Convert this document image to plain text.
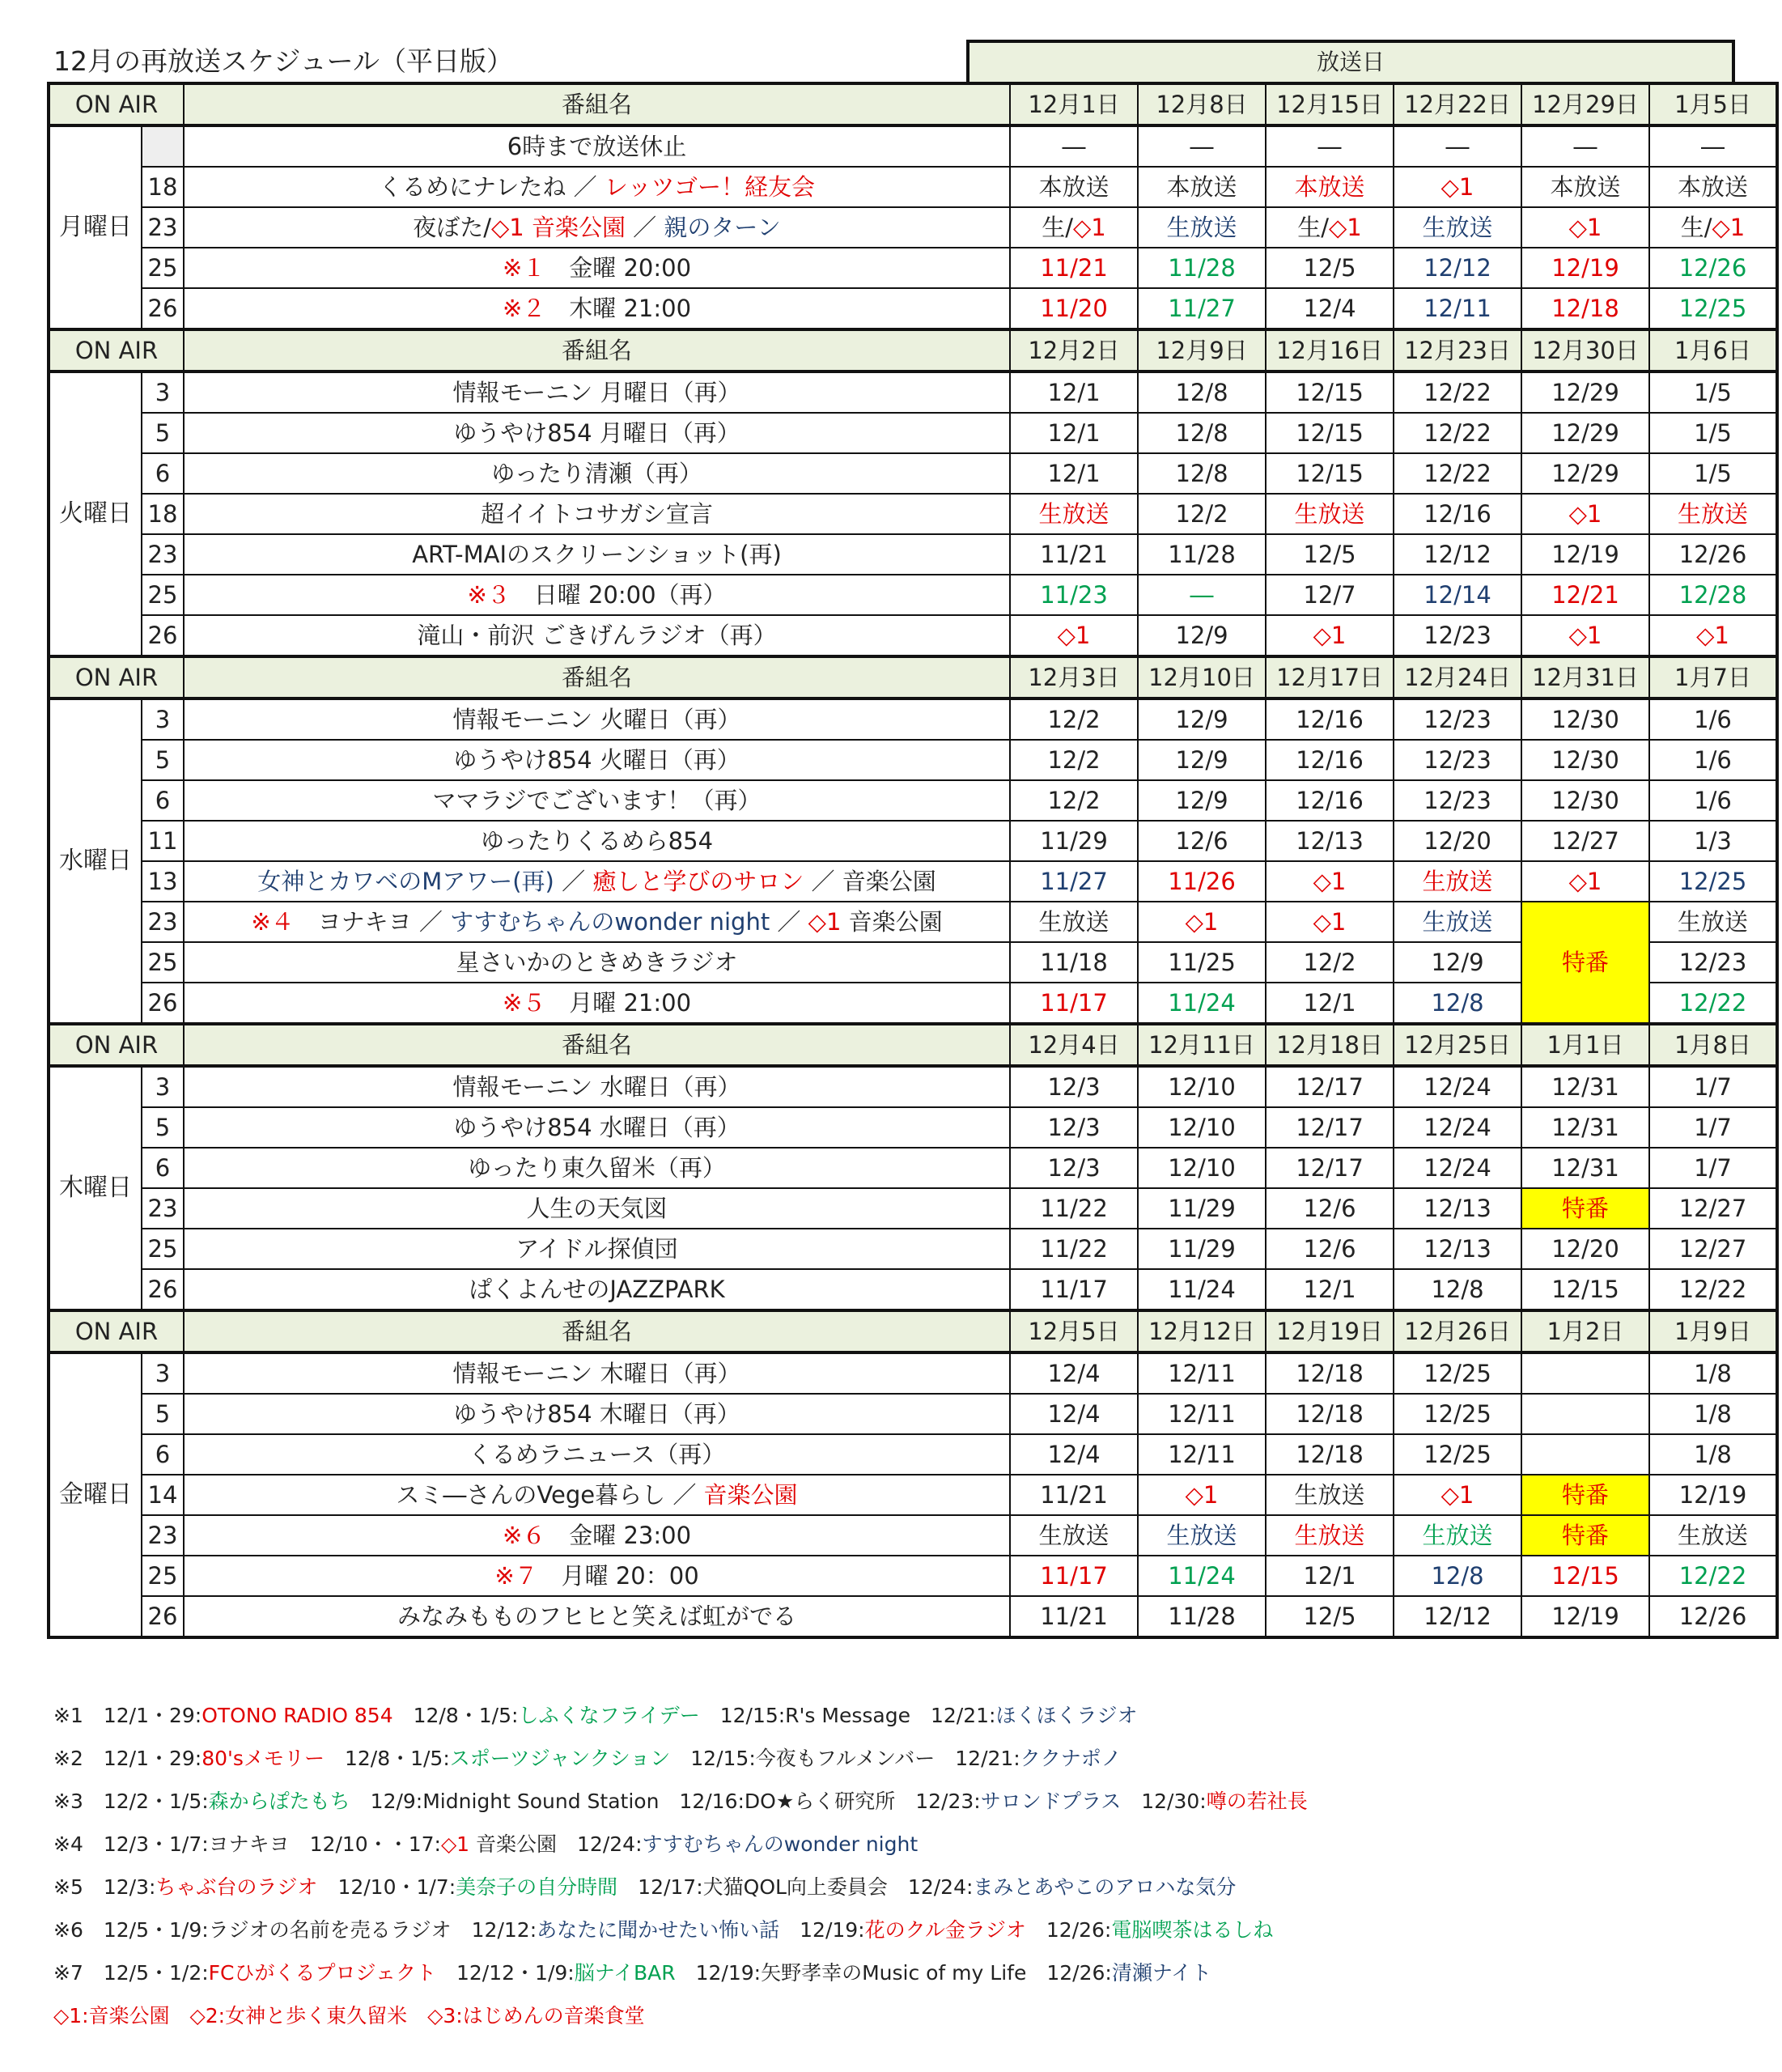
12月の再放送スケジュール（平日版）	放送日
ON AIR		番組名	12月1日	12月8日	12月15日	12月22日	12月29日	1月5日
月曜日		6時まで放送休止	―	―	―	―	―	―
	18	くるめにナレたね ／ レッツゴー！経友会	本放送	本放送	本放送	◇1	本放送	本放送
	23	夜ぼた/◇1 音楽公園 ／ 親のターン	生/◇1	生放送	生/◇1	生放送	◇1	生/◇1
	25	※１　金曜 20:00	11/21	11/28	12/5	12/12	12/19	12/26
	26	※２　木曜 21:00	11/20	11/27	12/4	12/11	12/18	12/25
ON AIR		番組名	12月2日	12月9日	12月16日	12月23日	12月30日	1月6日
火曜日	3	情報モーニン 月曜日（再）	12/1	12/8	12/15	12/22	12/29	1/5
	5	ゆうやけ854 月曜日（再）	12/1	12/8	12/15	12/22	12/29	1/5
	6	ゆったり清瀬（再）	12/1	12/8	12/15	12/22	12/29	1/5
	18	超イイトコサガシ宣言	生放送	12/2	生放送	12/16	◇1	生放送
	23	ART-MAIのスクリーンショット(再)	11/21	11/28	12/5	12/12	12/19	12/26
	25	※３　日曜 20:00（再）	11/23	―	12/7	12/14	12/21	12/28
	26	滝山・前沢 ごきげんラジオ（再）	◇1	12/9	◇1	12/23	◇1	◇1
ON AIR		番組名	12月3日	12月10日	12月17日	12月24日	12月31日	1月7日
水曜日	3	情報モーニン 火曜日（再）	12/2	12/9	12/16	12/23	12/30	1/6
	5	ゆうやけ854 火曜日（再）	12/2	12/9	12/16	12/23	12/30	1/6
	6	ママラジでございます！（再）	12/2	12/9	12/16	12/23	12/30	1/6
	11	ゆったりくるめら854	11/29	12/6	12/13	12/20	12/27	1/3
	13	女神とカワベのMアワー(再) ／ 癒しと学びのサロン ／ 音楽公園	11/27	11/26	◇1	生放送	◇1	12/25
	23	※４　ヨナキヨ ／ すすむちゃんのwonder night ／ ◇1 音楽公園	生放送	◇1	◇1	生放送	特番	生放送
	25	星さいかのときめきラジオ	11/18	11/25	12/2	12/9		12/23
	26	※５　月曜 21:00	11/17	11/24	12/1	12/8		12/22
ON AIR		番組名	12月4日	12月11日	12月18日	12月25日	1月1日	1月8日
木曜日	3	情報モーニン 水曜日（再）	12/3	12/10	12/17	12/24	12/31	1/7
	5	ゆうやけ854 水曜日（再）	12/3	12/10	12/17	12/24	12/31	1/7
	6	ゆったり東久留米（再）	12/3	12/10	12/17	12/24	12/31	1/7
	23	人生の天気図	11/22	11/29	12/6	12/13	特番	12/27
	25	アイドル探偵団	11/22	11/29	12/6	12/13	12/20	12/27
	26	ぱくよんせのJAZZPARK	11/17	11/24	12/1	12/8	12/15	12/22
ON AIR		番組名	12月5日	12月12日	12月19日	12月26日	1月2日	1月9日
金曜日	3	情報モーニン 木曜日（再）	12/4	12/11	12/18	12/25		1/8
	5	ゆうやけ854 木曜日（再）	12/4	12/11	12/18	12/25		1/8
	6	くるめラニュース（再）	12/4	12/11	12/18	12/25		1/8
	14	スミ―さんのVege暮らし ／ 音楽公園	11/21	◇1	生放送	◇1	特番	12/19
	23	※６　金曜 23:00	生放送	生放送	生放送	生放送	特番	生放送
	25	※７　月曜 20：00	11/17	11/24	12/1	12/8	12/15	12/22
	26	みなみもものフヒヒと笑えば虹がでる	11/21	11/28	12/5	12/12	12/19	12/26
※1　12/1・29:OTONO RADIO 854　12/8・1/5:しふくなフライデー　12/15:R's Message　12/21:ほくほくラジオ
※2　12/1・29:80'sメモリー　12/8・1/5:スポーツジャンクション　12/15:今夜もフルメンバー　12/21:ククナポノ
※3　12/2・1/5:森からぽたもち　12/9:Midnight Sound Station　12/16:DO★らく研究所　12/23:サロンドプラス　12/30:噂の若社長
※4　12/3・1/7:ヨナキヨ　12/10・・17:◇1 音楽公園　12/24:すすむちゃんのwonder night
※5　12/3:ちゃぶ台のラジオ　12/10・1/7:美奈子の自分時間　12/17:犬猫QOL向上委員会　12/24:まみとあやこのアロハな気分
※6　12/5・1/9:ラジオの名前を売るラジオ　12/12:あなたに聞かせたい怖い話　12/19:花のクル金ラジオ　12/26:電脳喫茶はるしね
※7　12/5・1/2:FCひがくるプロジェクト　12/12・1/9:脳ナイBAR　12/19:矢野孝幸のMusic of my Life　12/26:清瀬ナイト
◇1:音楽公園　◇2:女神と歩く東久留米　◇3:はじめんの音楽食堂
